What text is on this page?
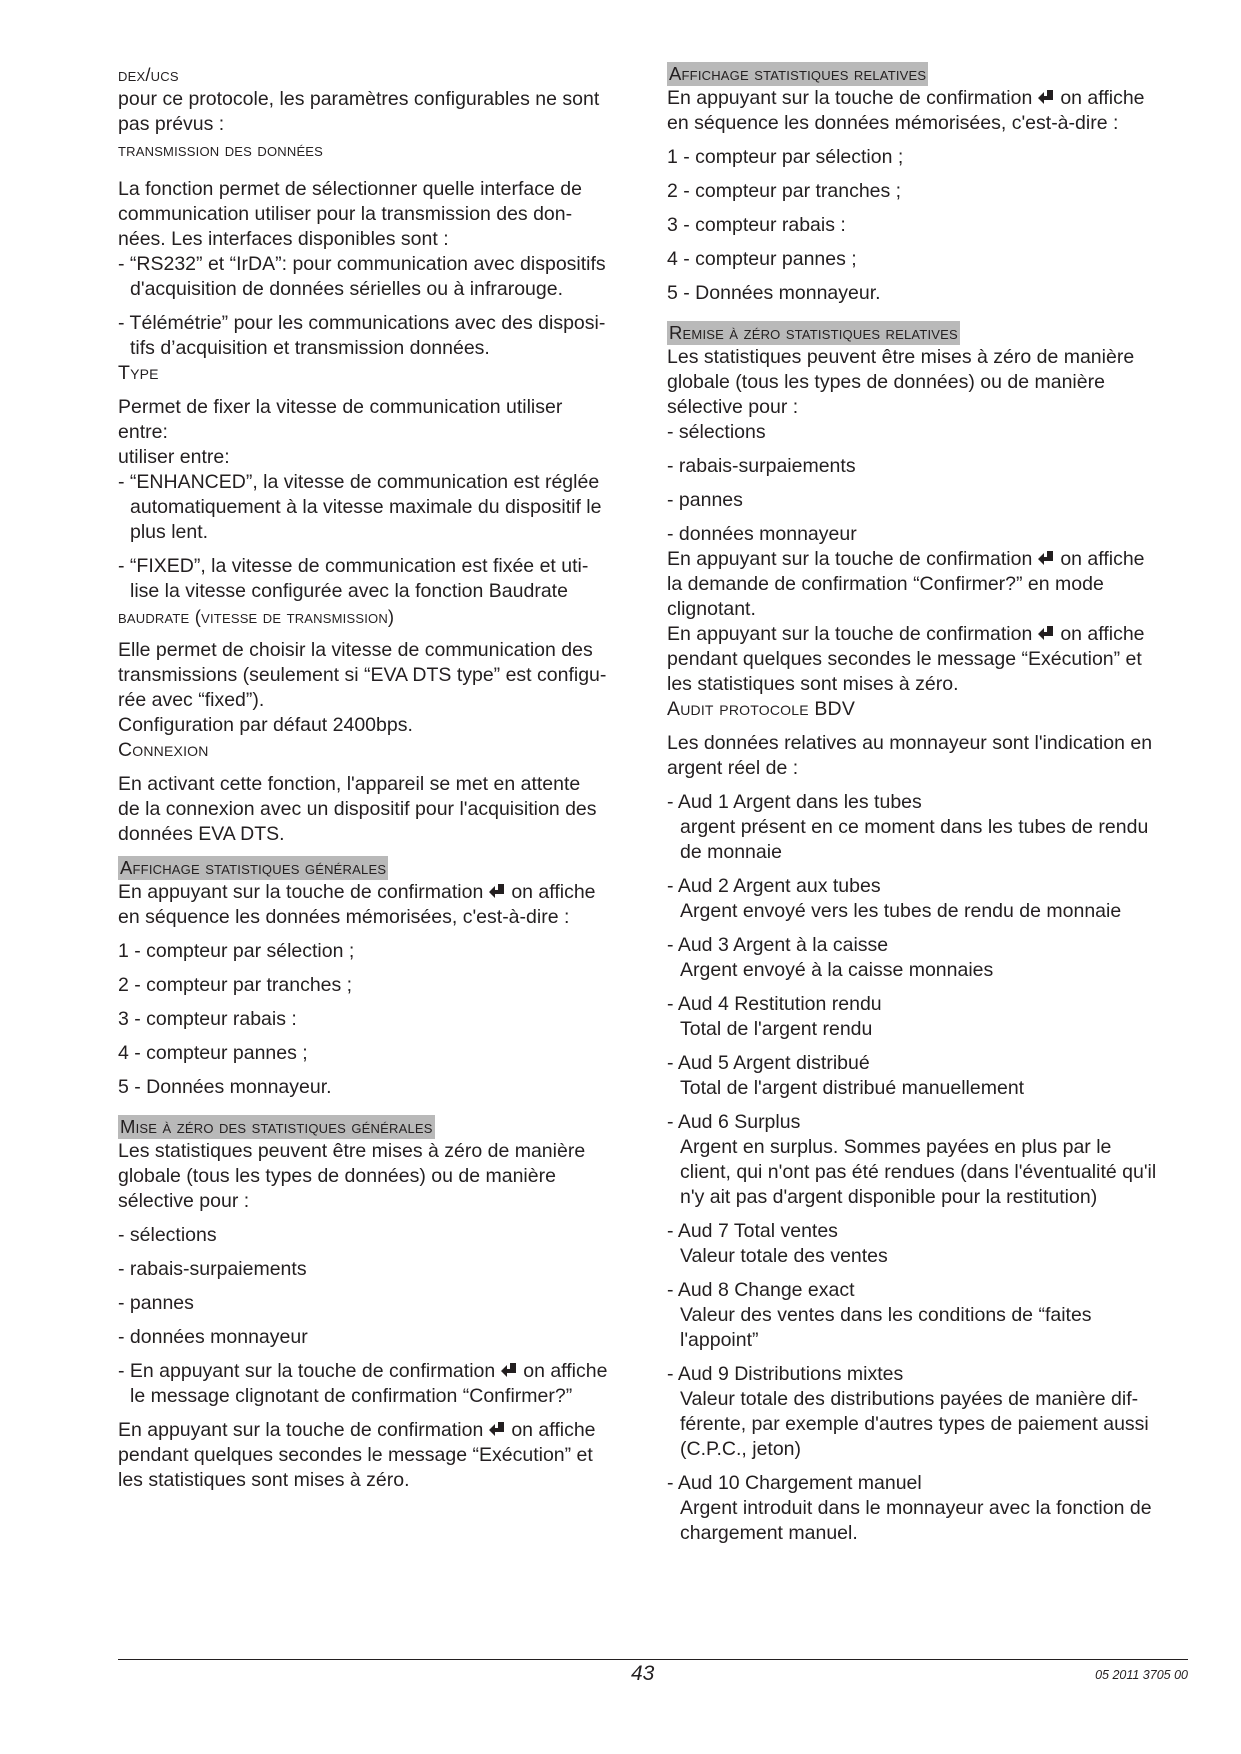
dex/ucs

pour ce protocole, les paramètres configurables ne sont
pas prévus :

transmission des données

La fonction permet de sélectionner quelle interface de
communication utiliser pour la transmission des don-
nées. Les interfaces disponibles sont :

- “RS232” et “IrDA”: pour communication avec dispositifs
d'acquisition de données sérielles ou à infrarouge.

- Télémétrie” pour les communications avec des disposi-
tifs d’acquisition et transmission données.

Type

Permet de fixer la vitesse de communication utiliser
entre:
utiliser entre:

- “ENHANCED”, la vitesse de communication est réglée
automatiquement à la vitesse maximale du dispositif le
plus lent.

- “FIXED”, la vitesse de communication est fixée et uti-
lise la vitesse configurée avec la fonction Baudrate

baudrate (vitesse de transmission)

Elle permet de choisir la vitesse de communication des
transmissions (seulement si “EVA DTS type” est configu-
rée avec “fixed”).
Configuration par défaut 2400bps.

Connexion

En activant cette fonction, l'appareil se met en attente
de la connexion avec un dispositif pour l'acquisition des
données EVA DTS.

Affichage statistiques générales

En appuyant sur la touche de confirmation on affiche
en séquence les données mémorisées, c'est-à-dire :

1 - compteur par sélection ;

2 - compteur par tranches ;

3 - compteur rabais :

4 - compteur pannes ;

5 - Données monnayeur.

Mise à zéro des statistiques générales

Les statistiques peuvent être mises à zéro de manière
globale (tous les types de données) ou de manière
sélective pour :

- sélections

- rabais-surpaiements

- pannes

- données monnayeur

- En appuyant sur la touche de confirmation on affiche
le message clignotant de confirmation “Confirmer?”

En appuyant sur la touche de confirmation on affiche
pendant quelques secondes le message “Exécution” et
les statistiques sont mises à zéro.

Affichage statistiques relatives

En appuyant sur la touche de confirmation on affiche
en séquence les données mémorisées, c'est-à-dire :

1 - compteur par sélection ;

2 - compteur par tranches ;

3 - compteur rabais :

4 - compteur pannes ;

5 - Données monnayeur.

Remise à zéro statistiques relatives

Les statistiques peuvent être mises à zéro de manière
globale (tous les types de données) ou de manière
sélective pour :

- sélections

- rabais-surpaiements

- pannes

- données monnayeur

En appuyant sur la touche de confirmation on affiche
la demande de confirmation “Confirmer?” en mode
clignotant.

En appuyant sur la touche de confirmation on affiche
pendant quelques secondes le message “Exécution” et
les statistiques sont mises à zéro.

Audit protocole BDV

Les données relatives au monnayeur sont l'indication en
argent réel de :

- Aud 1 Argent dans les tubes

argent présent en ce moment dans les tubes de rendu
de monnaie

- Aud 2 Argent aux tubes

Argent envoyé vers les tubes de rendu de monnaie

- Aud 3 Argent à la caisse

Argent envoyé à la caisse monnaies

- Aud 4 Restitution rendu

Total de l'argent rendu

- Aud 5 Argent distribué

Total de l'argent distribué manuellement

- Aud 6 Surplus

Argent en surplus. Sommes payées en plus par le
client, qui n'ont pas été rendues (dans l'éventualité qu'il
n'y ait pas d'argent disponible pour la restitution)

- Aud 7 Total ventes

Valeur totale des ventes

- Aud 8 Change exact

Valeur des ventes dans les conditions de “faites
l'appoint”

- Aud 9 Distributions mixtes

Valeur totale des distributions payées de manière dif-
férente, par exemple d'autres types de paiement aussi
(C.P.C., jeton)

- Aud 10 Chargement manuel

Argent introduit dans le monnayeur avec la fonction de
chargement manuel.

43	05 2011 3705 00
